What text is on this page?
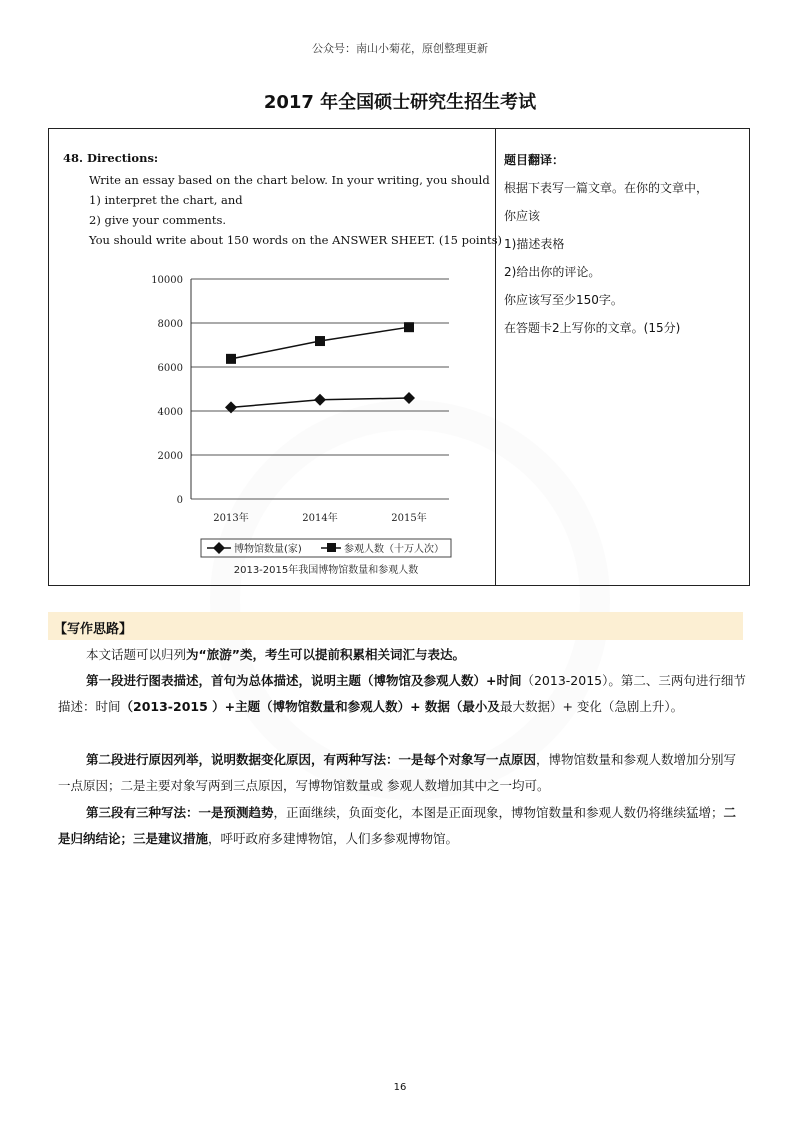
公众号：南山小菊花，原创整理更新
2017 年全国硕士研究生招生考试
48. Directions:
Write an essay based on the chart below. In your writing, you should
1) interpret the chart, and
2) give your comments.
You should write about 150 words on the ANSWER SHEET. (15 points)
0
2000
4000
6000
8000
10000
2013年	2014年	2015年
博物馆数量(家)	参观人数（十万人次）
2013-2015年我国博物馆数量和参观人数
题目翻译：
根据下表写一篇文章。在你的文章中，
你应该
1)描述表格
2)给出你的评论。
你应该写至少150字。
在答题卡2上写你的文章。(15分)
【写作思路】
本文话题可以归列为“旅游”类，考生可以提前积累相关词汇与表达。
第一段进行图表描述，首句为总体描述，说明主题（博物馆及参观人数）+时间（2013-2015）。第二、三两句进行细节描述：时间（2013-2015 ）+主题（博物馆数量和参观人数）+ 数据（最小及最大数据）+ 变化（急剧上升）。
第二段进行原因列举，说明数据变化原因，有两种写法：一是每个对象写一点原因，博物馆数量和参观人数增加分别写一点原因；二是主要对象写两到三点原因，写博物馆数量或 参观人数增加其中之一均可。
第三段有三种写法：一是预测趋势，正面继续，负面变化，本图是正面现象，博物馆数量和参观人数仍将继续猛增；二是归纳结论；三是建议措施，呼吁政府多建博物馆，人们多参观博物馆。
16
